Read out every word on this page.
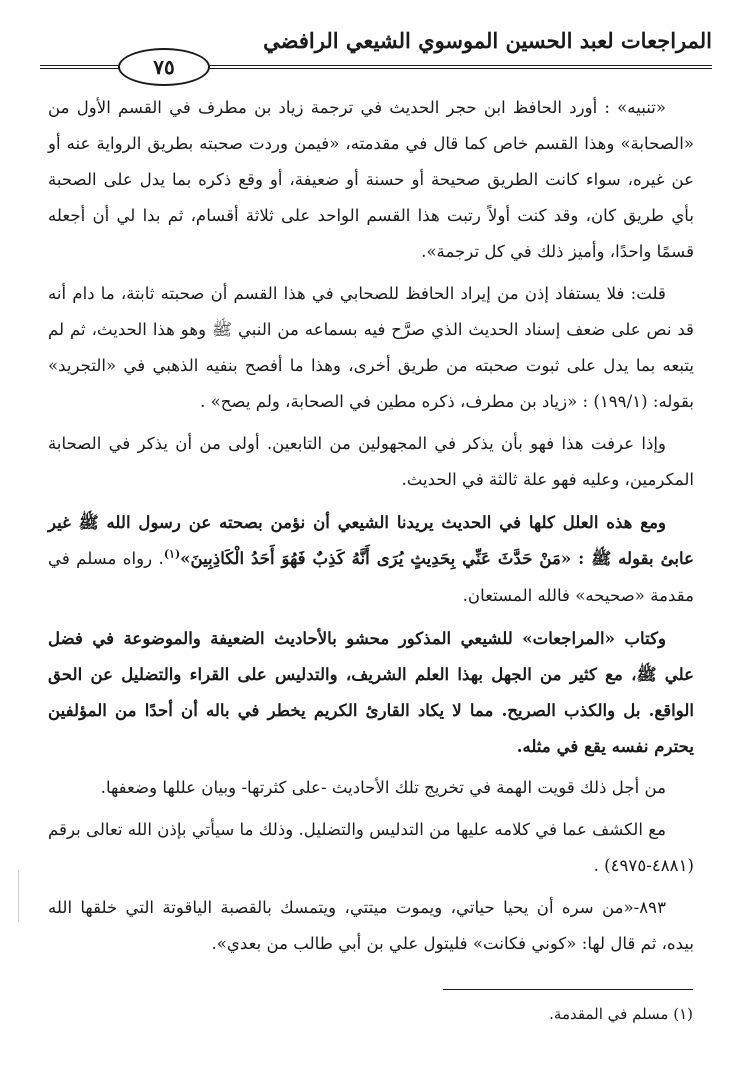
المراجعات لعبد الحسين الموسوي الشيعي الرافضي
٧٥

«تنبيه» : أورد الحافظ ابن حجر الحديث في ترجمة زياد بن مطرف في القسم الأول من «الصحابة» وهذا القسم خاص كما قال في مقدمته، «فيمن وردت صحبته بطريق الرواية عنه أو عن غيره، سواء كانت الطريق صحيحة أو حسنة أو ضعيفة، أو وقع ذكره بما يدل على الصحبة بأي طريق كان، وقد كنت أولاً رتبت هذا القسم الواحد على ثلاثة أقسام، ثم بدا لي أن أجعله قسمًا واحدًا، وأميز ذلك في كل ترجمة».

قلت: فلا يستفاد إذن من إيراد الحافظ للصحابي في هذا القسم أن صحبته ثابتة، ما دام أنه قد نص على ضعف إسناد الحديث الذي صرَّح فيه بسماعه من النبي ﷺ وهو هذا الحديث، ثم لم يتبعه بما يدل على ثبوت صحبته من طريق أخرى، وهذا ما أفصح بنفيه الذهبي في «التجريد» بقوله: (١٩٩/١) : «زياد بن مطرف، ذكره مطين في الصحابة، ولم يصح» .

وإذا عرفت هذا فهو بأن يذكر في المجهولين من التابعين. أولى من أن يذكر في الصحابة المكرمين، وعليه فهو علة ثالثة في الحديث.

ومع هذه العلل كلها في الحديث يريدنا الشيعي أن نؤمن بصحته عن رسول الله ﷺ غير عابئ بقوله ﷺ : «مَنْ حَدَّثَ عَنِّي بِحَدِيثٍ يُرَى أَنَّهُ كَذِبٌ فَهُوَ أَحَدُ الْكَاذِبِينَ»$^{(١)}$. رواه مسلم في مقدمة «صحيحه» فالله المستعان.

وكتاب «المراجعات» للشيعي المذكور محشو بالأحاديث الضعيفة والموضوعة في فضل علي ﷺ، مع كثير من الجهل بهذا العلم الشريف، والتدليس على القراء والتضليل عن الحق الواقع. بل والكذب الصريح. مما لا يكاد القارئ الكريم يخطر في باله أن أحدًا من المؤلفين يحترم نفسه يقع في مثله.

من أجل ذلك قويت الهمة في تخريج تلك الأحاديث -على كثرتها- وبيان عللها وضعفها.

مع الكشف عما في كلامه عليها من التدليس والتضليل. وذلك ما سيأتي بإذن الله تعالى برقم (٤٨٨١-٤٩٧٥) .

٨٩٣-«من سره أن يحيا حياتي، ويموت ميتتي، ويتمسك بالقصبة الياقوتة التي خلقها الله بيده، ثم قال لها: «كوني فكانت» فليتول علي بن أبي طالب من بعدي».

(١) مسلم في المقدمة.
